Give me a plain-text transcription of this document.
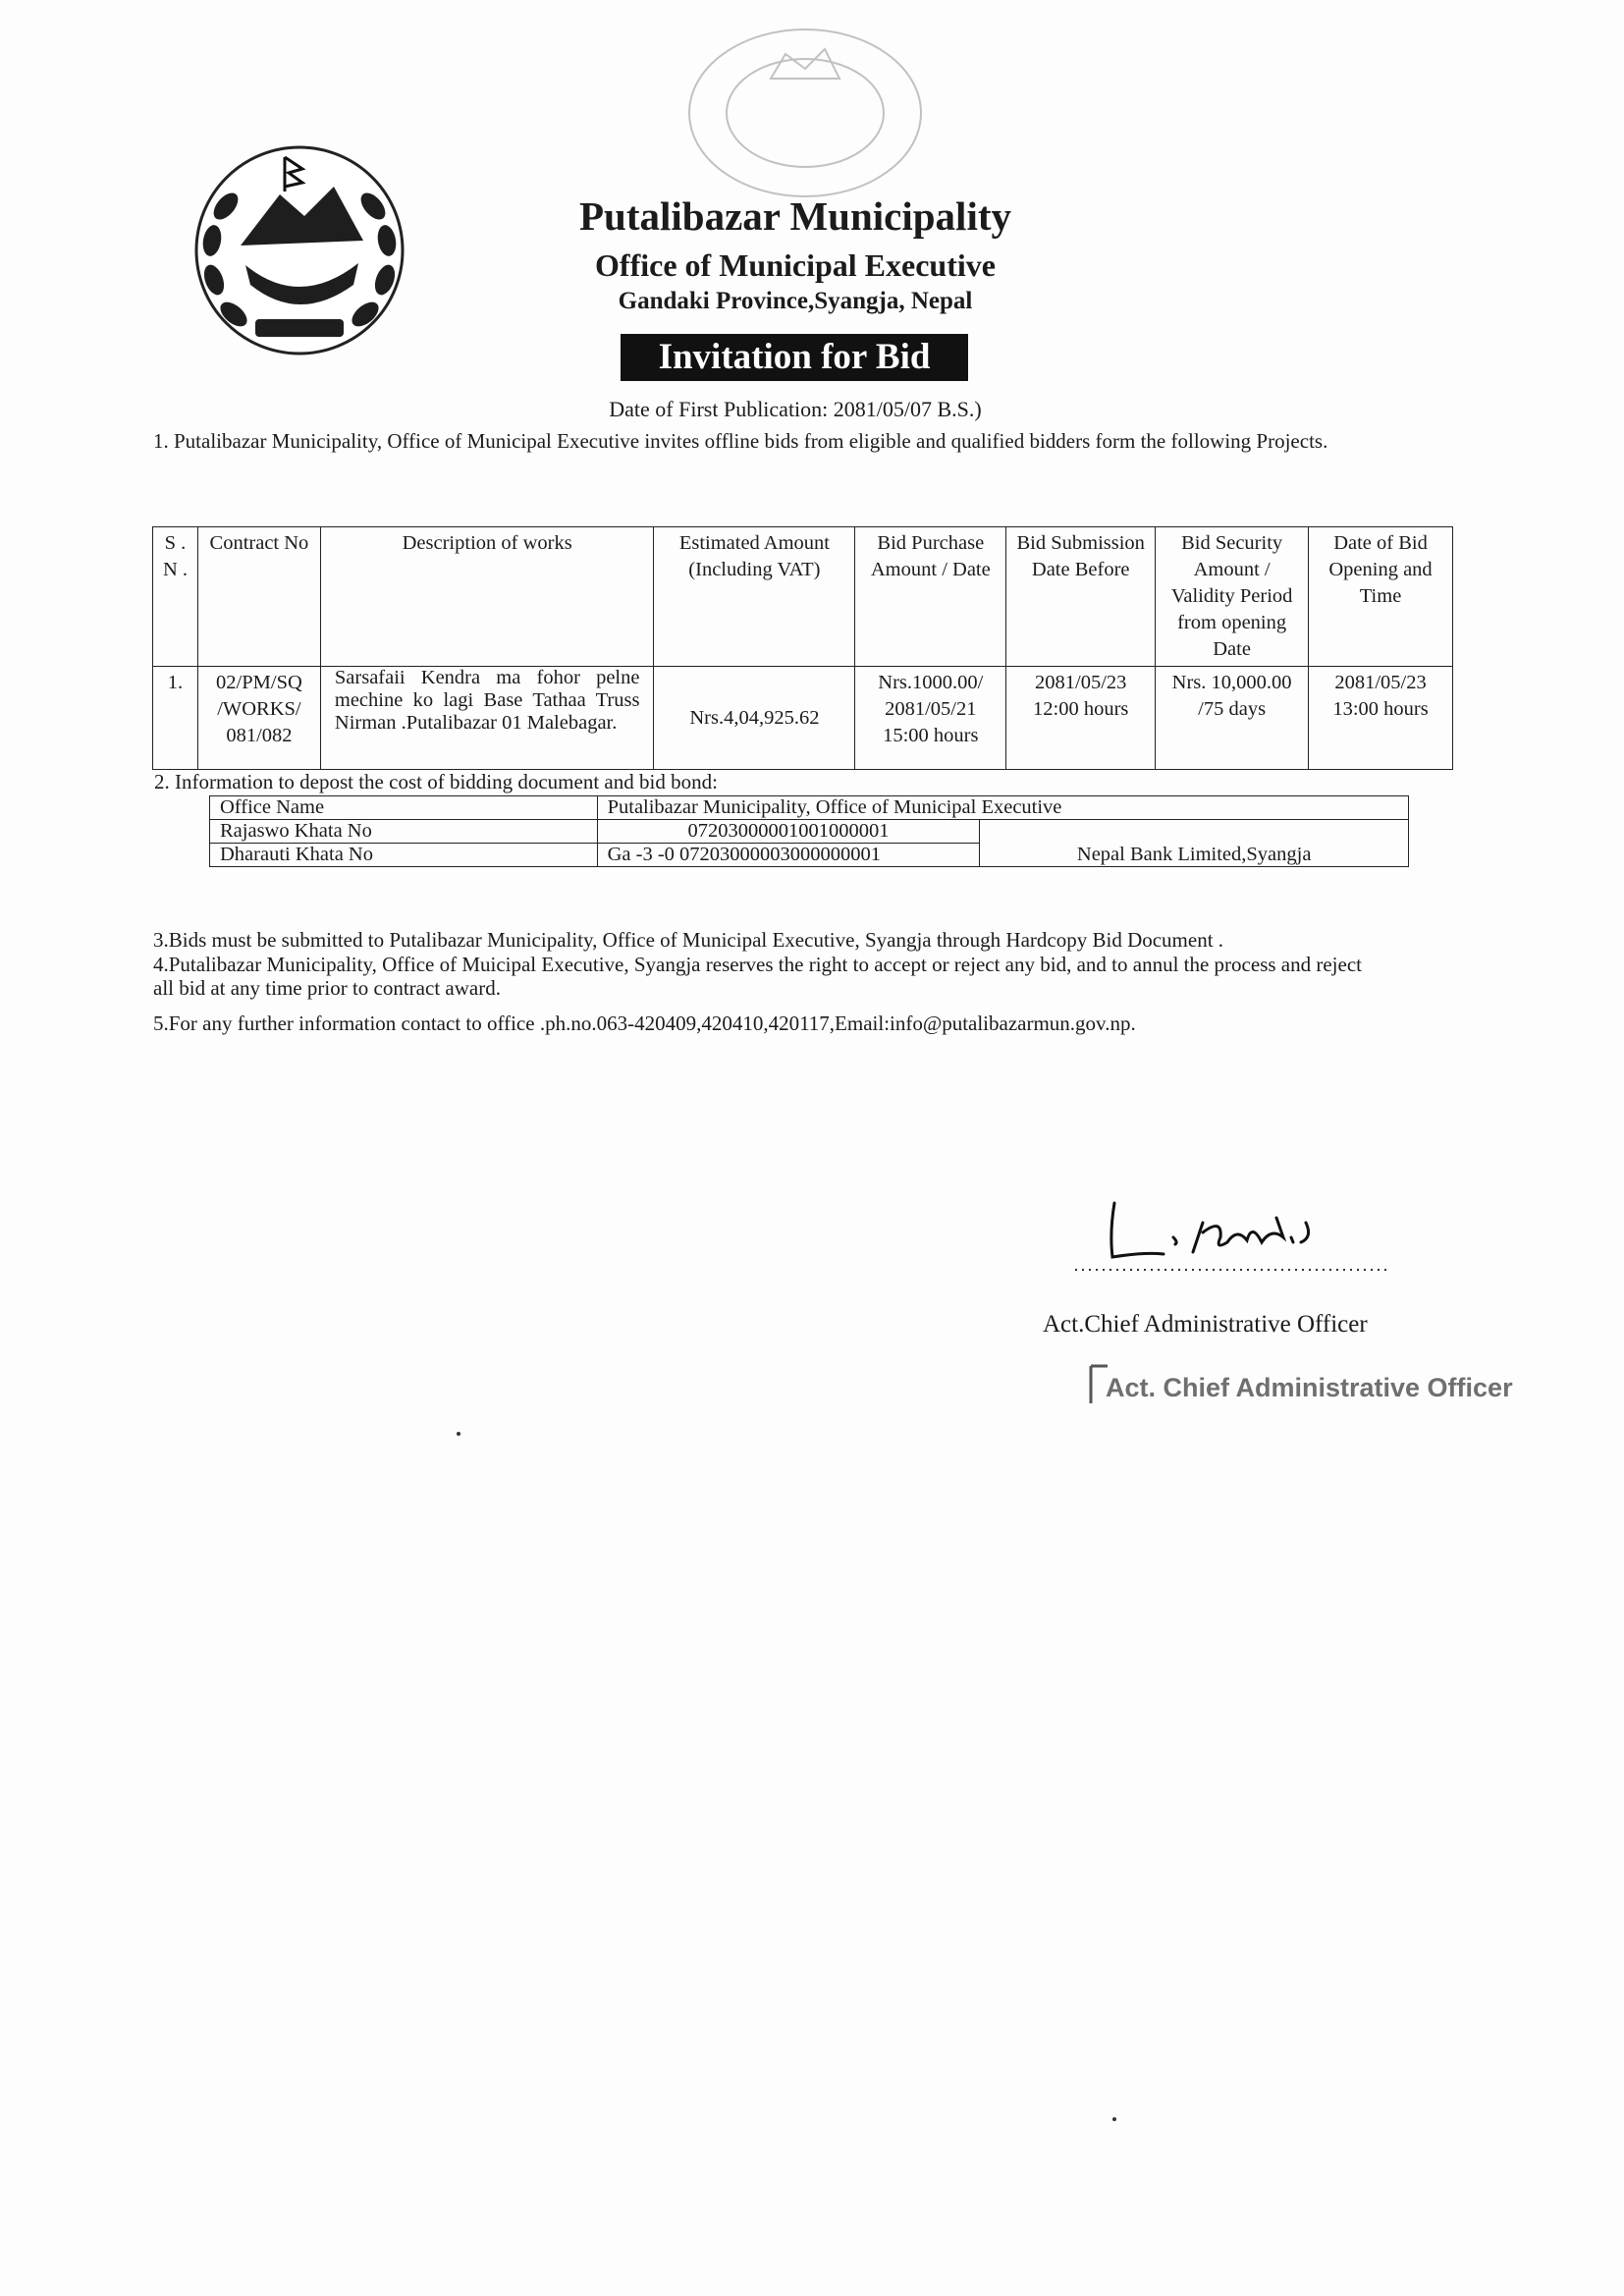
Putalibazar Municipality
Office of Municipal Executive
Gandaki Province,Syangja, Nepal
Invitation for Bid
Date of First Publication: 2081/05/07 B.S.)
1. Putalibazar Municipality, Office of Municipal Executive invites offline bids from eligible and qualified bidders form the following Projects.
S . N .	Contract No	Description of works	Estimated Amount (Including VAT)	Bid Purchase Amount / Date	Bid Submission Date Before	Bid Security Amount / Validity Period from opening Date	Date of Bid Opening and Time
1.	02/PM/SQ /WORKS/ 081/082	Sarsafaii Kendra ma fohor pelne mechine ko lagi Base Tathaa Truss Nirman .Putalibazar 01 Malebagar.	Nrs.4,04,925.62	Nrs.1000.00/ 2081/05/21 15:00 hours	2081/05/23 12:00 hours	Nrs. 10,000.00 /75 days	2081/05/23 13:00 hours
2. Information to depost the cost of bidding document and bid bond:
Office Name	Putalibazar Municipality, Office of Municipal Executive	
Rajaswo Khata No	07203000001001000001	Nepal Bank Limited,Syangja
Dharauti Khata No	Ga -3 -0 07203000003000000001	
3.Bids must be submitted to Putalibazar Municipality, Office of Municipal Executive, Syangja through Hardcopy Bid Document .
4.Putalibazar Municipality, Office of Muicipal Executive, Syangja reserves the right to accept or reject any bid, and to annul the process and reject all bid at any time prior to contract award.
5.For any further information contact to office .ph.no.063-420409,420410,420117,Email:info@putalibazarmun.gov.np.
Act.Chief Administrative Officer
Act. Chief Administrative Officer
